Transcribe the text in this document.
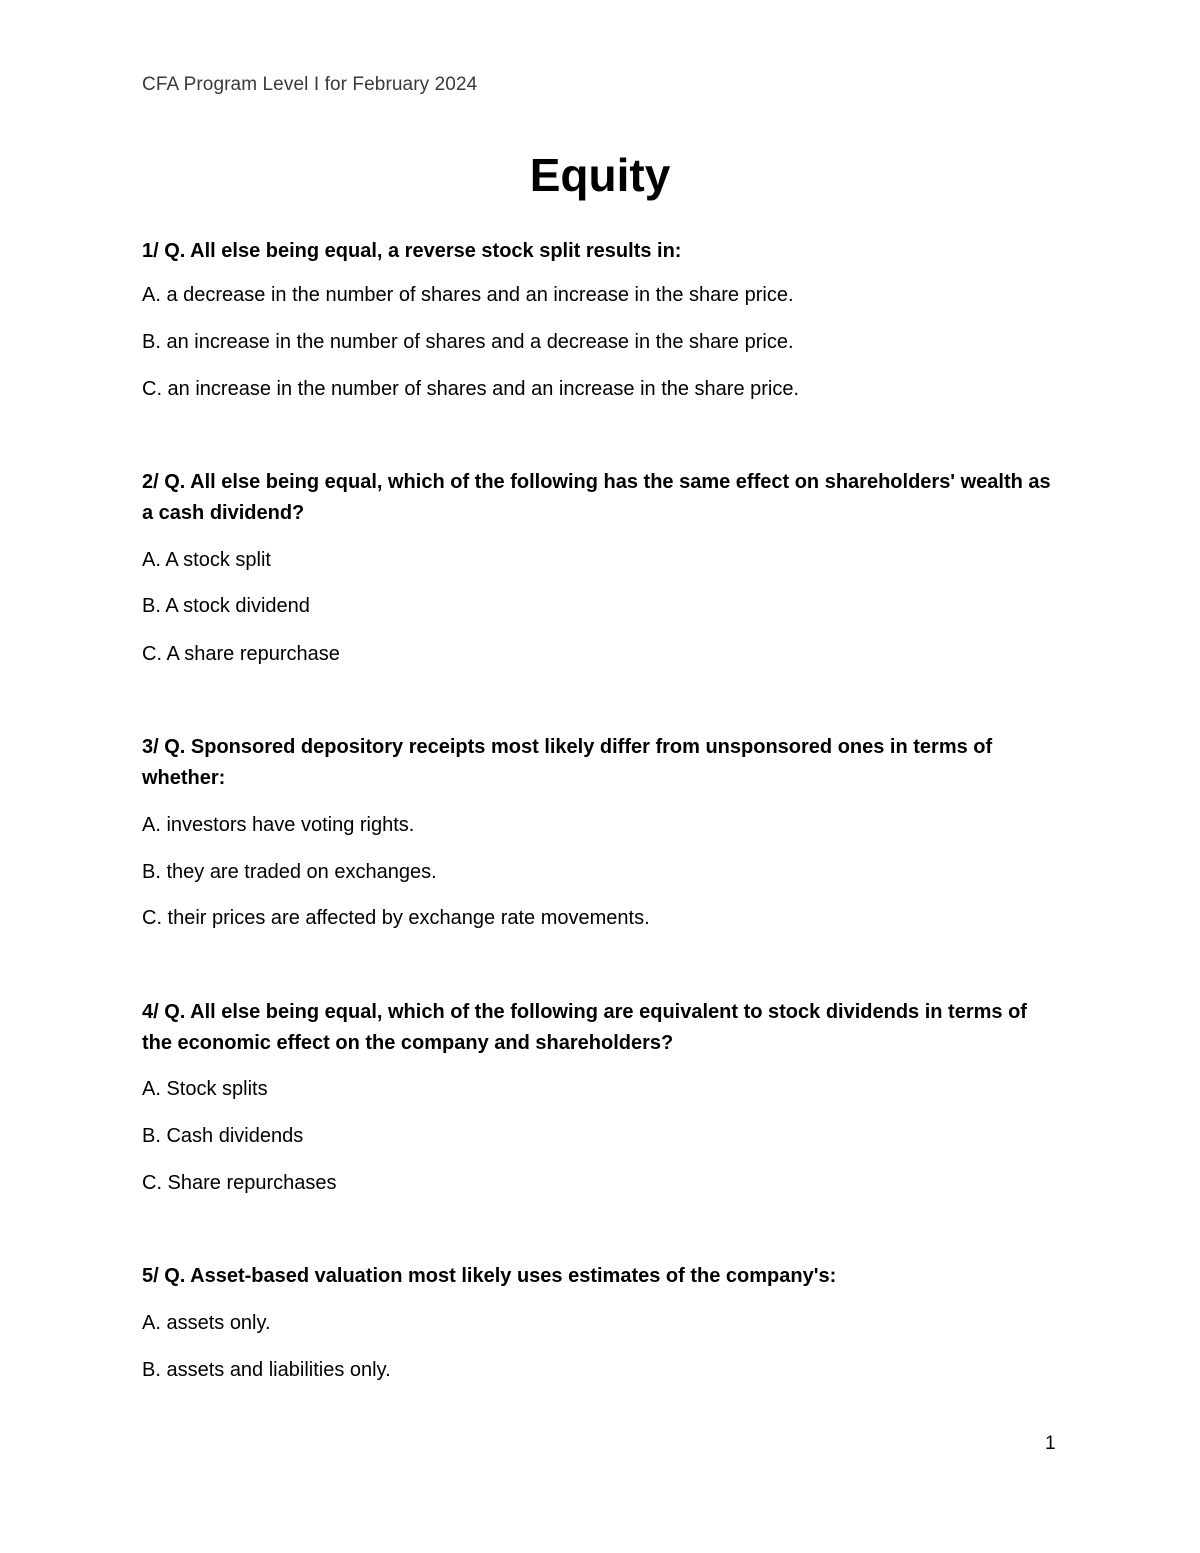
CFA Program Level I for February 2024
Equity

1/ Q. All else being equal, a reverse stock split results in:

A. a decrease in the number of shares and an increase in the share price.

B. an increase in the number of shares and a decrease in the share price.

C. an increase in the number of shares and an increase in the share price.

2/ Q. All else being equal, which of the following has the same effect on shareholders' wealth as a cash dividend?

A. A stock split

B. A stock dividend

C. A share repurchase

3/ Q. Sponsored depository receipts most likely differ from unsponsored ones in terms of whether:

A. investors have voting rights.

B. they are traded on exchanges.

C. their prices are affected by exchange rate movements.

4/ Q. All else being equal, which of the following are equivalent to stock dividends in terms of the economic effect on the company and shareholders?

A. Stock splits

B. Cash dividends

C. Share repurchases

5/ Q. Asset-based valuation most likely uses estimates of the company's:

A. assets only.

B. assets and liabilities only.

1
